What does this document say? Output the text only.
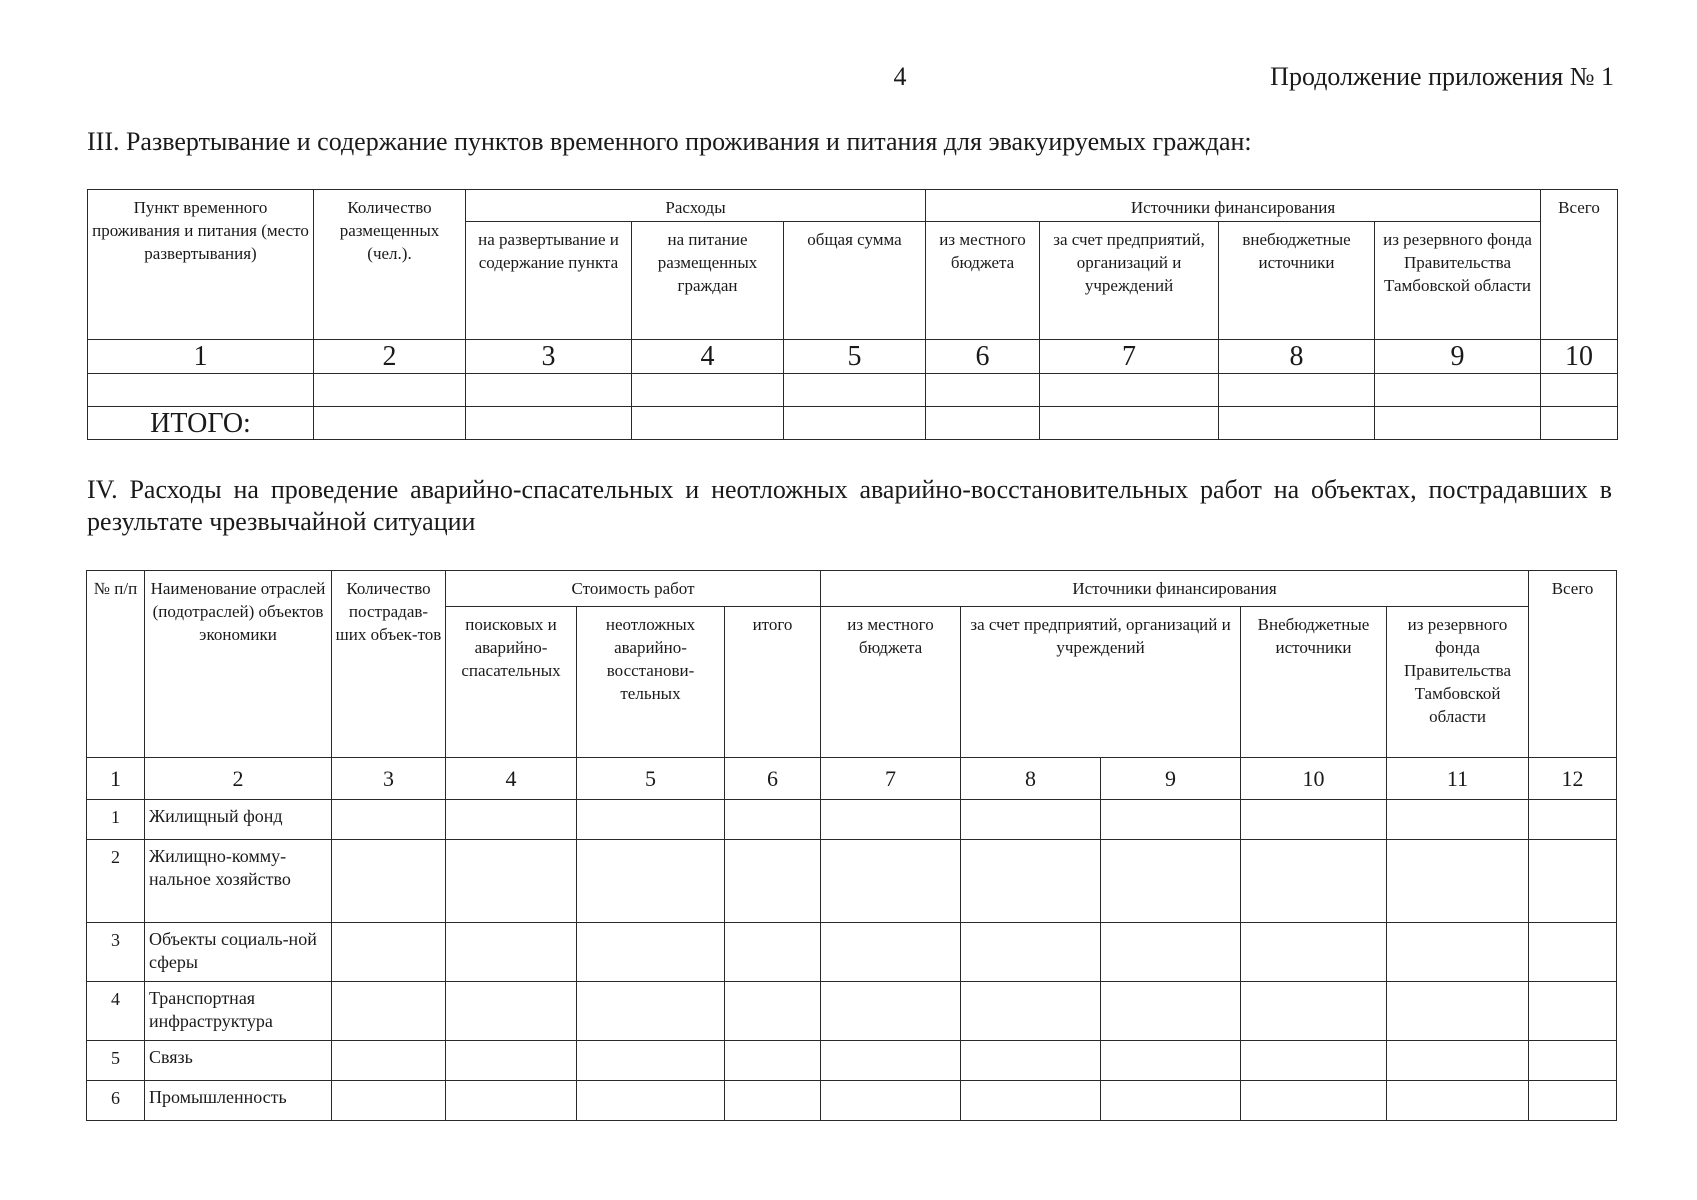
4	Продолжение приложения № 1
III. Развертывание и содержание пунктов временного проживания и питания для эвакуируемых граждан:
Пункт временного проживания и питания (место развертывания)	Количество размещенных (чел.).	Расходы			Источники финансирования				Всего
		на развертывание и содержание пункта	на питание размещенных граждан	общая сумма	из местного бюджета	за счет предприятий, организаций и учреждений	внебюджетные источники	из резервного фонда Правительства Тамбовской области	
1	2	3	4	5	6	7	8	9	10

ИТОГО:									
IV. Расходы на проведение аварийно-спасательных и неотложных аварийно-восстановительных работ на объектах, пострадавших в результате чрезвычайной ситуации
№ п/п	Наименование отраслей (подотраслей) объектов экономики	Количество пострадав-ших объек-тов	Стоимость работ			Источники финансирования					Всего
			поисковых и аварийно-спасательных	неотложных аварийно-восстанови-тельных	итого	из местного бюджета	за счет предприятий, организаций и учреждений		Внебюджетные источники	из резервного фонда Правительства Тамбовской области	
1	2	3	4	5	6	7	8	9	10	11	12
1	Жилищный фонд										
2	Жилищно-комму-нальное хозяйство										
3	Объекты социаль-ной сферы										
4	Транспортная инфраструктура										
5	Связь										
6	Промышленность										
